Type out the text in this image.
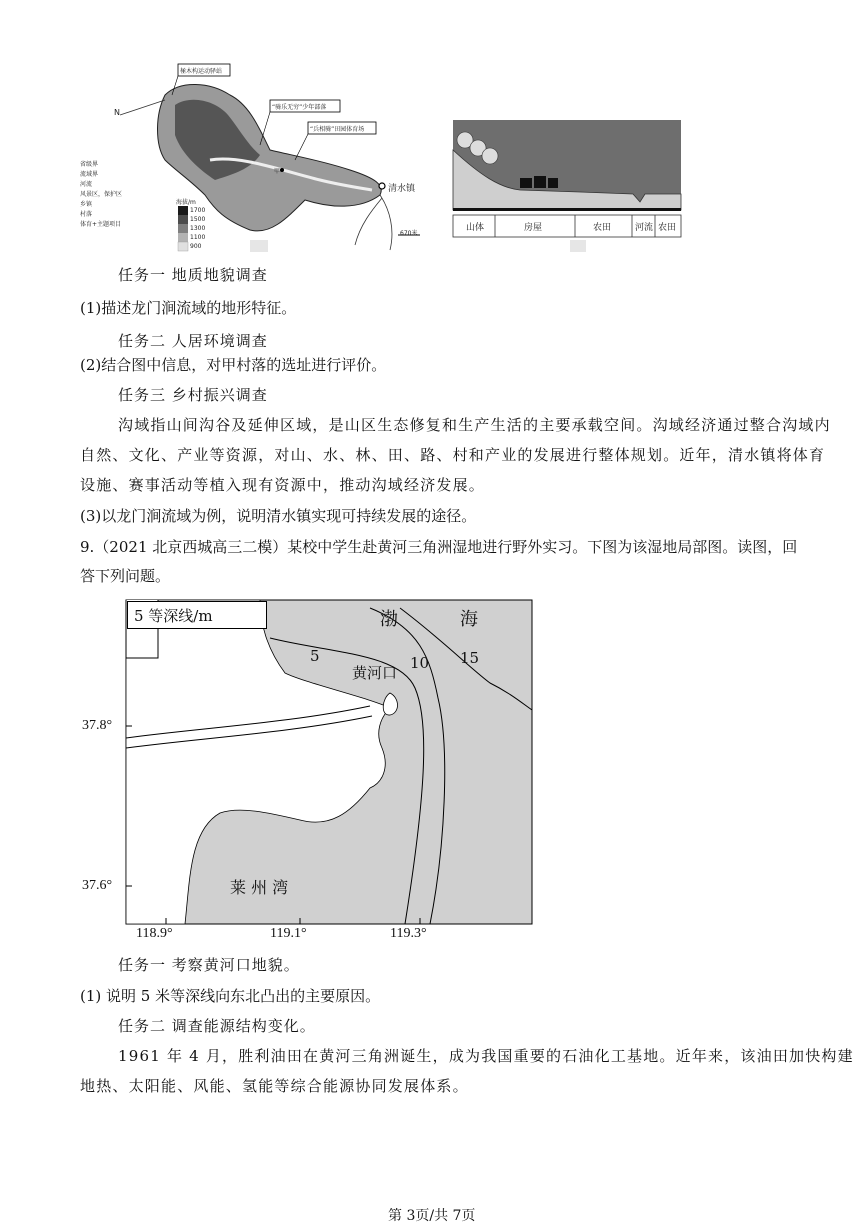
極木构运动驿站
“骑乐无穷”少年部落
“兵相骑”田园体育场
甲
清水镇
670米
省级界
流域界
河流
风景区，保护区
乡镇
村落
体育+主题项目
海拔/m
1700
1500
1300
1100
900
N
山体	房屋	农田	河流 农田
任务一 地质地貌调查
(1)描述龙门涧流域的地形特征。
任务二 人居环境调查
(2)结合图中信息，对甲村落的选址进行评价。
任务三 乡村振兴调查
沟域指山间沟谷及延伸区域，是山区生态修复和生产生活的主要承载空间。沟域经济通过整合沟域内
自然、文化、产业等资源，对山、水、林、田、路、村和产业的发展进行整体规划。近年，清水镇将体育
设施、赛事活动等植入现有资源中，推动沟域经济发展。
(3)以龙门涧流域为例，说明清水镇实现可持续发展的途径。
9.（2021 北京西城高三二模）某校中学生赴黄河三角洲湿地进行野外实习。下图为该湿地局部图。读图，回
答下列问题。
5 等深线/m	渤	海
黄河口
莱 州 湾
5	10 15
37.8°
37.6°
118.9°	119.1°	119.3°
任务一 考察黄河口地貌。
(1) 说明 5 米等深线向东北凸出的主要原因。
任务二 调查能源结构变化。
1961 年 4 月，胜利油田在黄河三角洲诞生，成为我国重要的石油化工基地。近年来，该油田加快构建
地热、太阳能、风能、氢能等综合能源协同发展体系。
第 3页/共 7页
